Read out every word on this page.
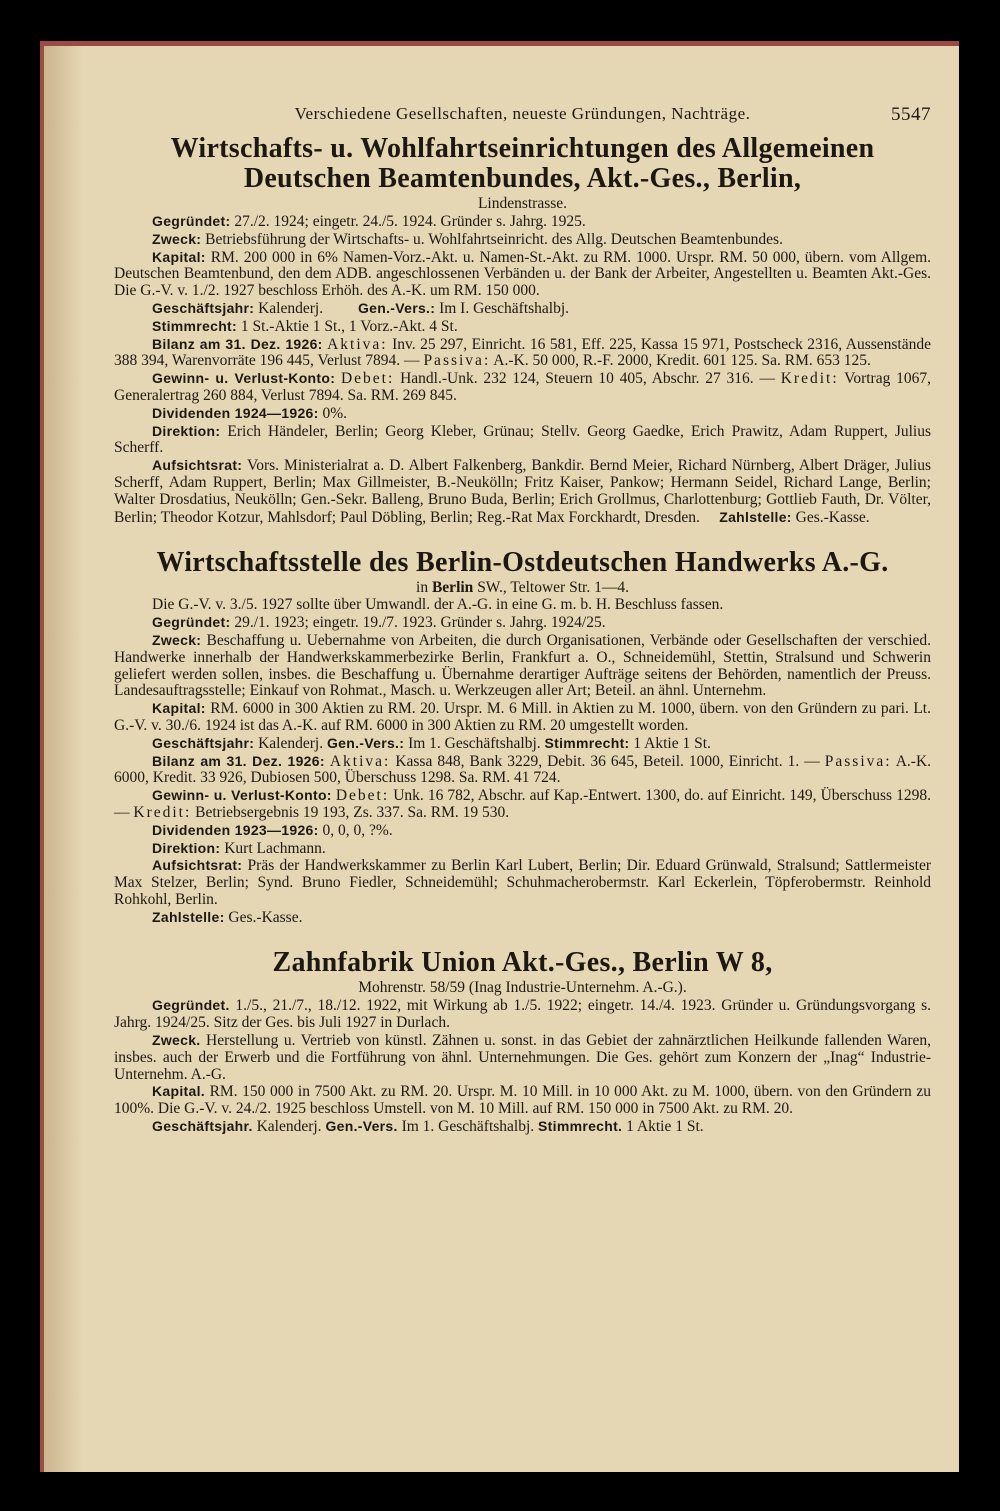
Verschiedene Gesellschaften, neueste Gründungen, Nachträge.	5547
Wirtschafts- u. Wohlfahrtseinrichtungen des Allgemeinen
Deutschen Beamtenbundes, Akt.-Ges., Berlin,
Lindenstrasse.

Gegründet: 27./2. 1924; eingetr. 24./5. 1924. Gründer s. Jahrg. 1925.

Zweck: Betriebsführung der Wirtschafts- u. Wohlfahrtseinricht. des Allg. Deutschen Beamtenbundes.

Kapital: RM. 200 000 in 6% Namen-Vorz.-Akt. u. Namen-St.-Akt. zu RM. 1000. Urspr. RM. 50 000, übern. vom Allgem. Deutschen Beamtenbund, den dem ADB. angeschlossenen Verbänden u. der Bank der Arbeiter, Angestellten u. Beamten Akt.-Ges. Die G.-V. v. 1./2. 1927 beschloss Erhöh. des A.-K. um RM. 150 000.

Geschäftsjahr: Kalenderj. Gen.-Vers.: Im I. Geschäftshalbj.

Stimmrecht: 1 St.-Aktie 1 St., 1 Vorz.-Akt. 4 St.

Bilanz am 31. Dez. 1926: Aktiva: Inv. 25 297, Einricht. 16 581, Eff. 225, Kassa 15 971, Postscheck 2316, Aussenstände 388 394, Warenvorräte 196 445, Verlust 7894. — Passiva: A.-K. 50 000, R.-F. 2000, Kredit. 601 125. Sa. RM. 653 125.

Gewinn- u. Verlust-Konto: Debet: Handl.-Unk. 232 124, Steuern 10 405, Abschr. 27 316. — Kredit: Vortrag 1067, Generalertrag 260 884, Verlust 7894. Sa. RM. 269 845.

Dividenden 1924—1926: 0%.

Direktion: Erich Händeler, Berlin; Georg Kleber, Grünau; Stellv. Georg Gaedke, Erich Prawitz, Adam Ruppert, Julius Scherff.

Aufsichtsrat: Vors. Ministerialrat a. D. Albert Falkenberg, Bankdir. Bernd Meier, Richard Nürnberg, Albert Dräger, Julius Scherff, Adam Ruppert, Berlin; Max Gillmeister, B.-Neukölln; Fritz Kaiser, Pankow; Hermann Seidel, Richard Lange, Berlin; Walter Drosdatius, Neukölln; Gen.-Sekr. Balleng, Bruno Buda, Berlin; Erich Grollmus, Charlottenburg; Gottlieb Fauth, Dr. Völter, Berlin; Theodor Kotzur, Mahlsdorf; Paul Döbling, Berlin; Reg.-Rat Max Forckhardt, Dresden. Zahlstelle: Ges.-Kasse.

Wirtschaftsstelle des Berlin-Ostdeutschen Handwerks A.-G.
in Berlin SW., Teltower Str. 1—4.

Die G.-V. v. 3./5. 1927 sollte über Umwandl. der A.-G. in eine G. m. b. H. Beschluss fassen.

Gegründet: 29./1. 1923; eingetr. 19./7. 1923. Gründer s. Jahrg. 1924/25.

Zweck: Beschaffung u. Uebernahme von Arbeiten, die durch Organisationen, Verbände oder Gesellschaften der verschied. Handwerke innerhalb der Handwerkskammerbezirke Berlin, Frankfurt a. O., Schneidemühl, Stettin, Stralsund und Schwerin geliefert werden sollen, insbes. die Beschaffung u. Übernahme derartiger Aufträge seitens der Behörden, namentlich der Preuss. Landesauftragsstelle; Einkauf von Rohmat., Masch. u. Werkzeugen aller Art; Beteil. an ähnl. Unternehm.

Kapital: RM. 6000 in 300 Aktien zu RM. 20. Urspr. M. 6 Mill. in Aktien zu M. 1000, übern. von den Gründern zu pari. Lt. G.-V. v. 30./6. 1924 ist das A.-K. auf RM. 6000 in 300 Aktien zu RM. 20 umgestellt worden.

Geschäftsjahr: Kalenderj. Gen.-Vers.: Im 1. Geschäftshalbj. Stimmrecht: 1 Aktie 1 St.

Bilanz am 31. Dez. 1926: Aktiva: Kassa 848, Bank 3229, Debit. 36 645, Beteil. 1000, Einricht. 1. — Passiva: A.-K. 6000, Kredit. 33 926, Dubiosen 500, Überschuss 1298. Sa. RM. 41 724.

Gewinn- u. Verlust-Konto: Debet: Unk. 16 782, Abschr. auf Kap.-Entwert. 1300, do. auf Einricht. 149, Überschuss 1298. — Kredit: Betriebsergebnis 19 193, Zs. 337. Sa. RM. 19 530.

Dividenden 1923—1926: 0, 0, 0, ?%.

Direktion: Kurt Lachmann.

Aufsichtsrat: Präs der Handwerkskammer zu Berlin Karl Lubert, Berlin; Dir. Eduard Grünwald, Stralsund; Sattlermeister Max Stelzer, Berlin; Synd. Bruno Fiedler, Schneidemühl; Schuhmacherobermstr. Karl Eckerlein, Töpferobermstr. Reinhold Rohkohl, Berlin.

Zahlstelle: Ges.-Kasse.

Zahnfabrik Union Akt.-Ges., Berlin W 8,
Mohrenstr. 58/59 (Inag Industrie-Unternehm. A.-G.).

Gegründet. 1./5., 21./7., 18./12. 1922, mit Wirkung ab 1./5. 1922; eingetr. 14./4. 1923. Gründer u. Gründungsvorgang s. Jahrg. 1924/25. Sitz der Ges. bis Juli 1927 in Durlach.

Zweck. Herstellung u. Vertrieb von künstl. Zähnen u. sonst. in das Gebiet der zahnärztlichen Heilkunde fallenden Waren, insbes. auch der Erwerb und die Fortführung von ähnl. Unternehmungen. Die Ges. gehört zum Konzern der „Inag“ Industrie-Unternehm. A.-G.

Kapital. RM. 150 000 in 7500 Akt. zu RM. 20. Urspr. M. 10 Mill. in 10 000 Akt. zu M. 1000, übern. von den Gründern zu 100%. Die G.-V. v. 24./2. 1925 beschloss Umstell. von M. 10 Mill. auf RM. 150 000 in 7500 Akt. zu RM. 20.

Geschäftsjahr. Kalenderj. Gen.-Vers. Im 1. Geschäftshalbj. Stimmrecht. 1 Aktie 1 St.
